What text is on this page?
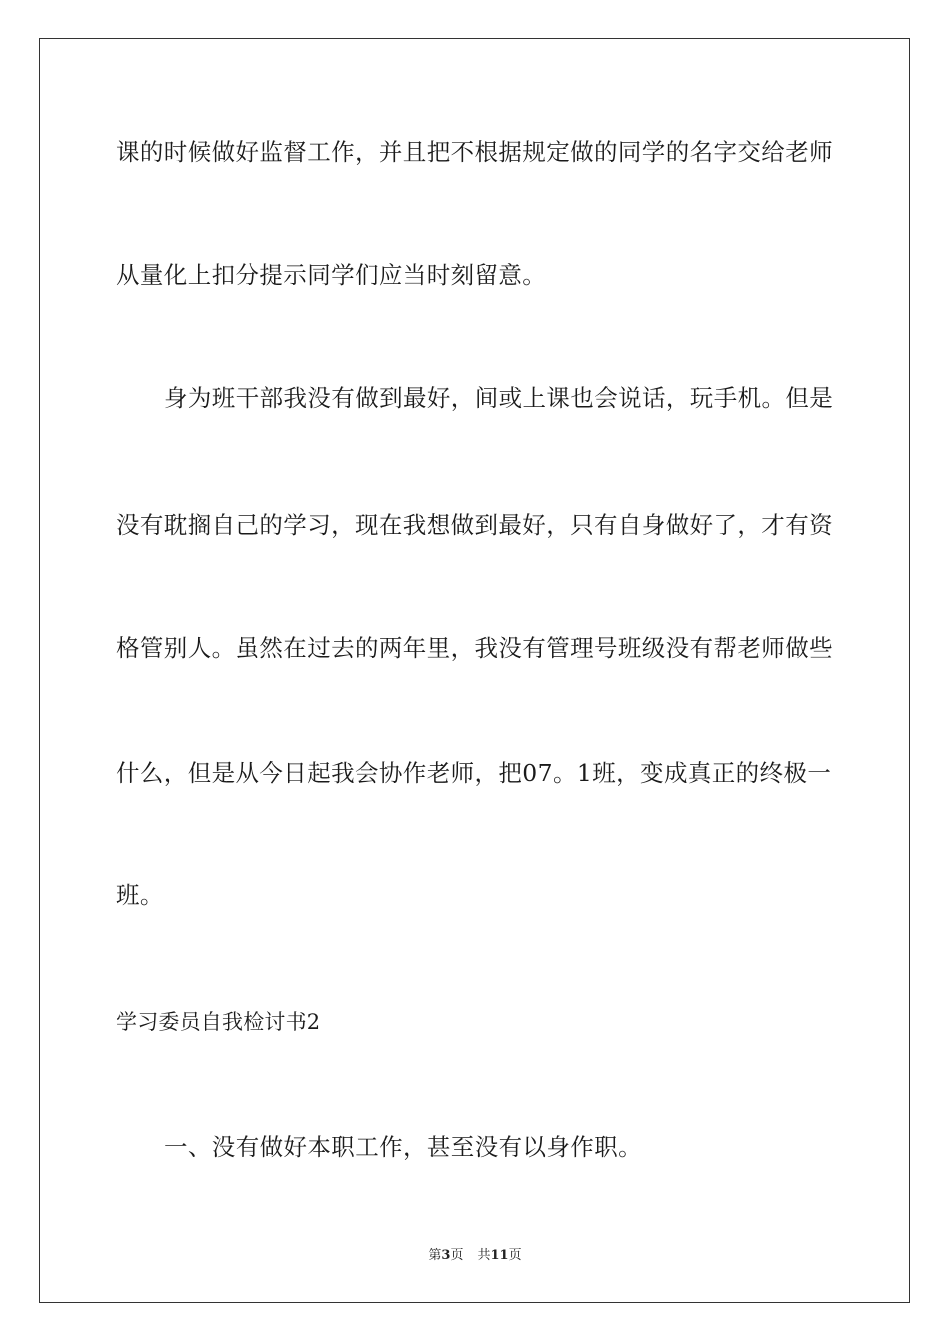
课的时候做好监督工作，并且把不根据规定做的同学的名字交给老师
从量化上扣分提示同学们应当时刻留意。
身为班干部我没有做到最好，间或上课也会说话，玩手机。但是
没有耽搁自己的学习，现在我想做到最好，只有自身做好了，才有资
格管别人。虽然在过去的两年里，我没有管理号班级没有帮老师做些
什么，但是从今日起我会协作老师，把07。1班，变成真正的终极一
班。
学习委员自我检讨书2
一、没有做好本职工作，甚至没有以身作职。
第3页 共11页
